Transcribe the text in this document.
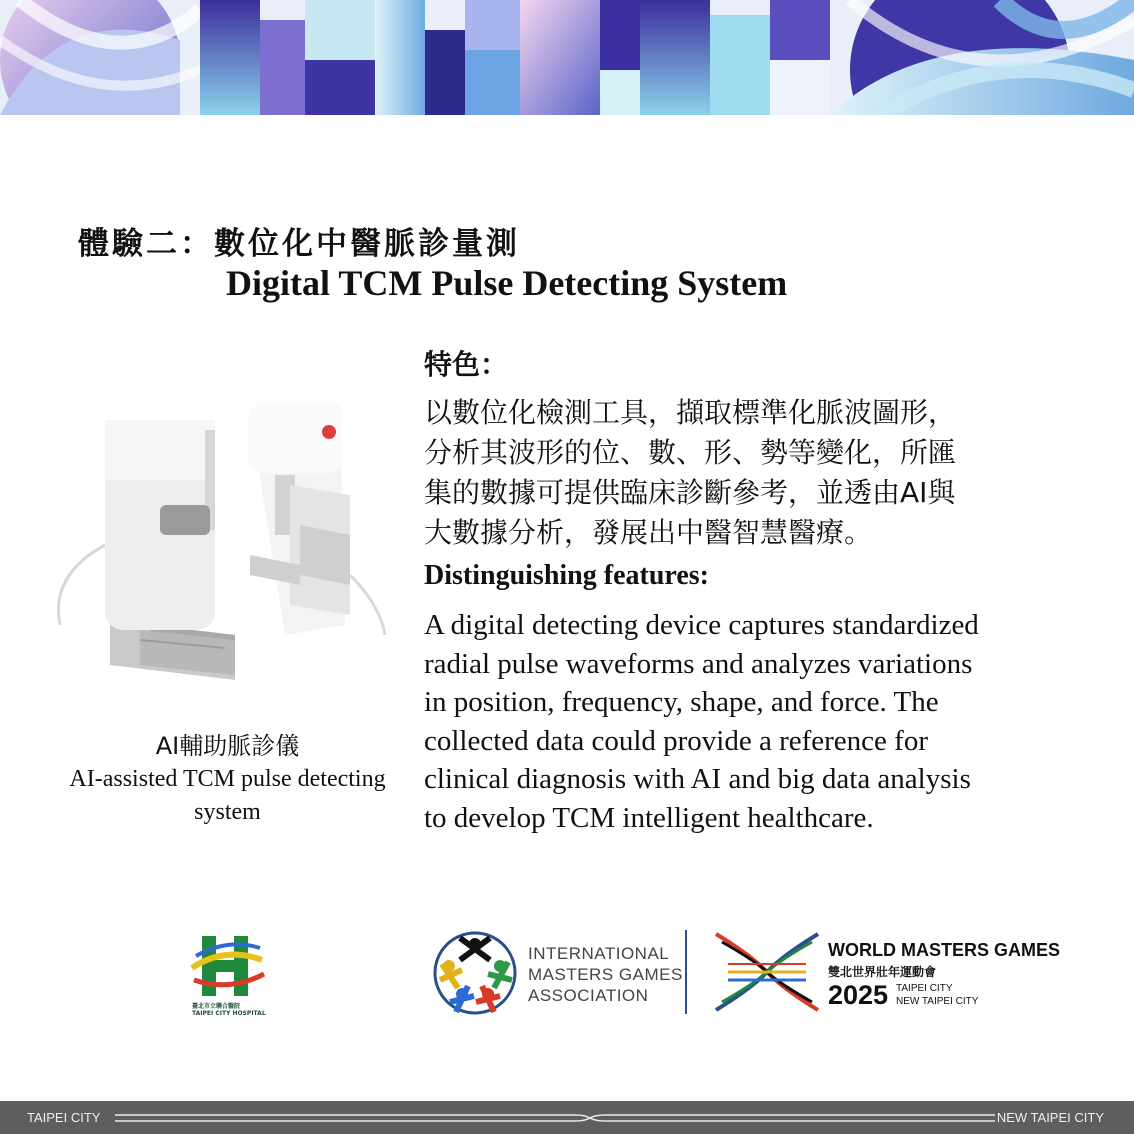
體驗二：數位化中醫脈診量測
Digital TCM Pulse Detecting System
AI輔助脈診儀
AI-assisted TCM pulse detecting
system
特色：
以數位化檢測工具，擷取標準化脈波圖形，
分析其波形的位、數、形、勢等變化，所匯
集的數據可提供臨床診斷參考，並透由AI與
大數據分析，發展出中醫智慧醫療。
Distinguishing features:
A digital detecting device captures standardized
radial pulse waveforms and analyzes variations
in position, frequency, shape, and force. The
collected data could provide a reference for
clinical diagnosis with AI and big data analysis
to develop TCM intelligent healthcare.
臺北市立聯合醫院
TAIPEI CITY HOSPITAL
INTERNATIONAL
MASTERS GAMES
ASSOCIATION
WORLD MASTERS GAMES
雙北世界壯年運動會
2025 TAIPEI CITY
NEW TAIPEI CITY
TAIPEI CITY	NEW TAIPEI CITY
